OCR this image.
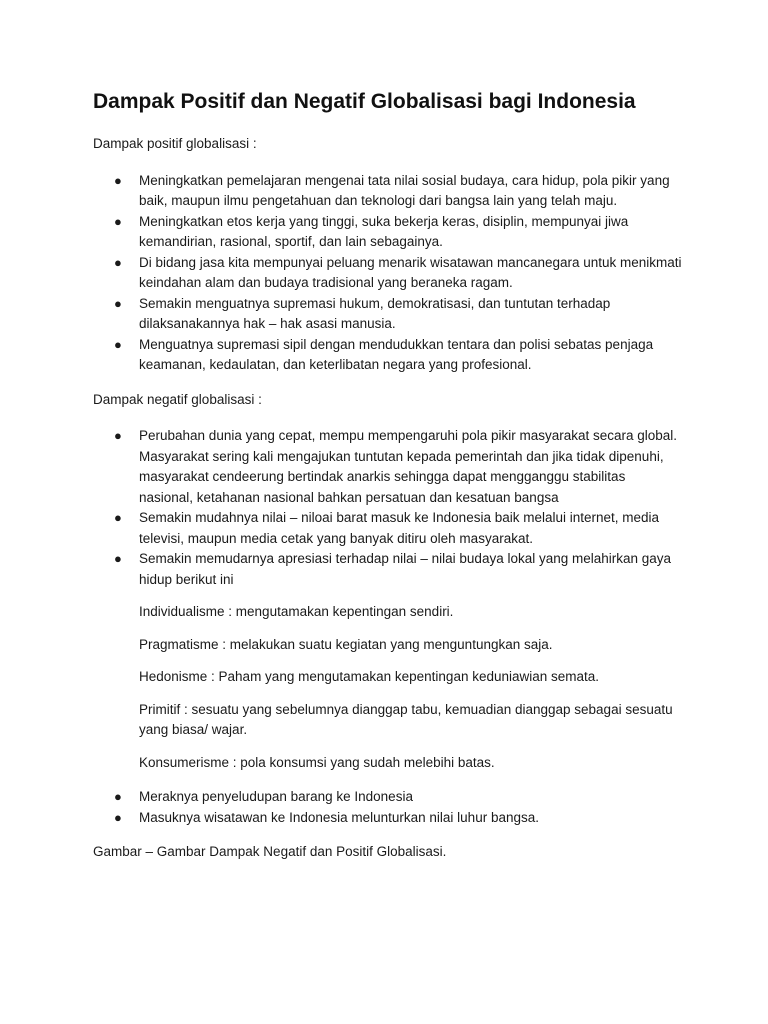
Dampak Positif dan Negatif Globalisasi bagi Indonesia

Dampak positif globalisasi :

● Meningkatkan pemelajaran mengenai tata nilai sosial budaya, cara hidup, pola pikir yang baik, maupun ilmu pengetahuan dan teknologi dari bangsa lain yang telah maju.
● Meningkatkan etos kerja yang tinggi, suka bekerja keras, disiplin, mempunyai jiwa kemandirian, rasional, sportif, dan lain sebagainya.
● Di bidang jasa kita mempunyai peluang menarik wisatawan mancanegara untuk menikmati keindahan alam dan budaya tradisional yang beraneka ragam.
● Semakin menguatnya supremasi hukum, demokratisasi, dan tuntutan terhadap dilaksanakannya hak – hak asasi manusia.
● Menguatnya supremasi sipil dengan mendudukkan tentara dan polisi sebatas penjaga keamanan, kedaulatan, dan keterlibatan negara yang profesional.

Dampak negatif globalisasi :

● Perubahan dunia yang cepat, mempu mempengaruhi pola pikir masyarakat secara global. Masyarakat sering kali mengajukan tuntutan kepada pemerintah dan jika tidak dipenuhi, masyarakat cendeerung bertindak anarkis sehingga dapat mengganggu stabilitas nasional, ketahanan nasional bahkan persatuan dan kesatuan bangsa
● Semakin mudahnya nilai – niloai barat masuk ke Indonesia baik melalui internet, media televisi, maupun media cetak yang banyak ditiru oleh masyarakat.
● Semakin memudarnya apresiasi terhadap nilai – nilai budaya lokal yang melahirkan gaya hidup berikut ini

Individualisme : mengutamakan kepentingan sendiri.

Pragmatisme : melakukan suatu kegiatan yang menguntungkan saja.

Hedonisme : Paham yang mengutamakan kepentingan keduniawian semata.

Primitif : sesuatu yang sebelumnya dianggap tabu, kemuadian dianggap sebagai sesuatu yang biasa/ wajar.

Konsumerisme : pola konsumsi yang sudah melebihi batas.

● Meraknya penyeludupan barang ke Indonesia
● Masuknya wisatawan ke Indonesia melunturkan nilai luhur bangsa.

Gambar – Gambar Dampak Negatif dan Positif Globalisasi.
